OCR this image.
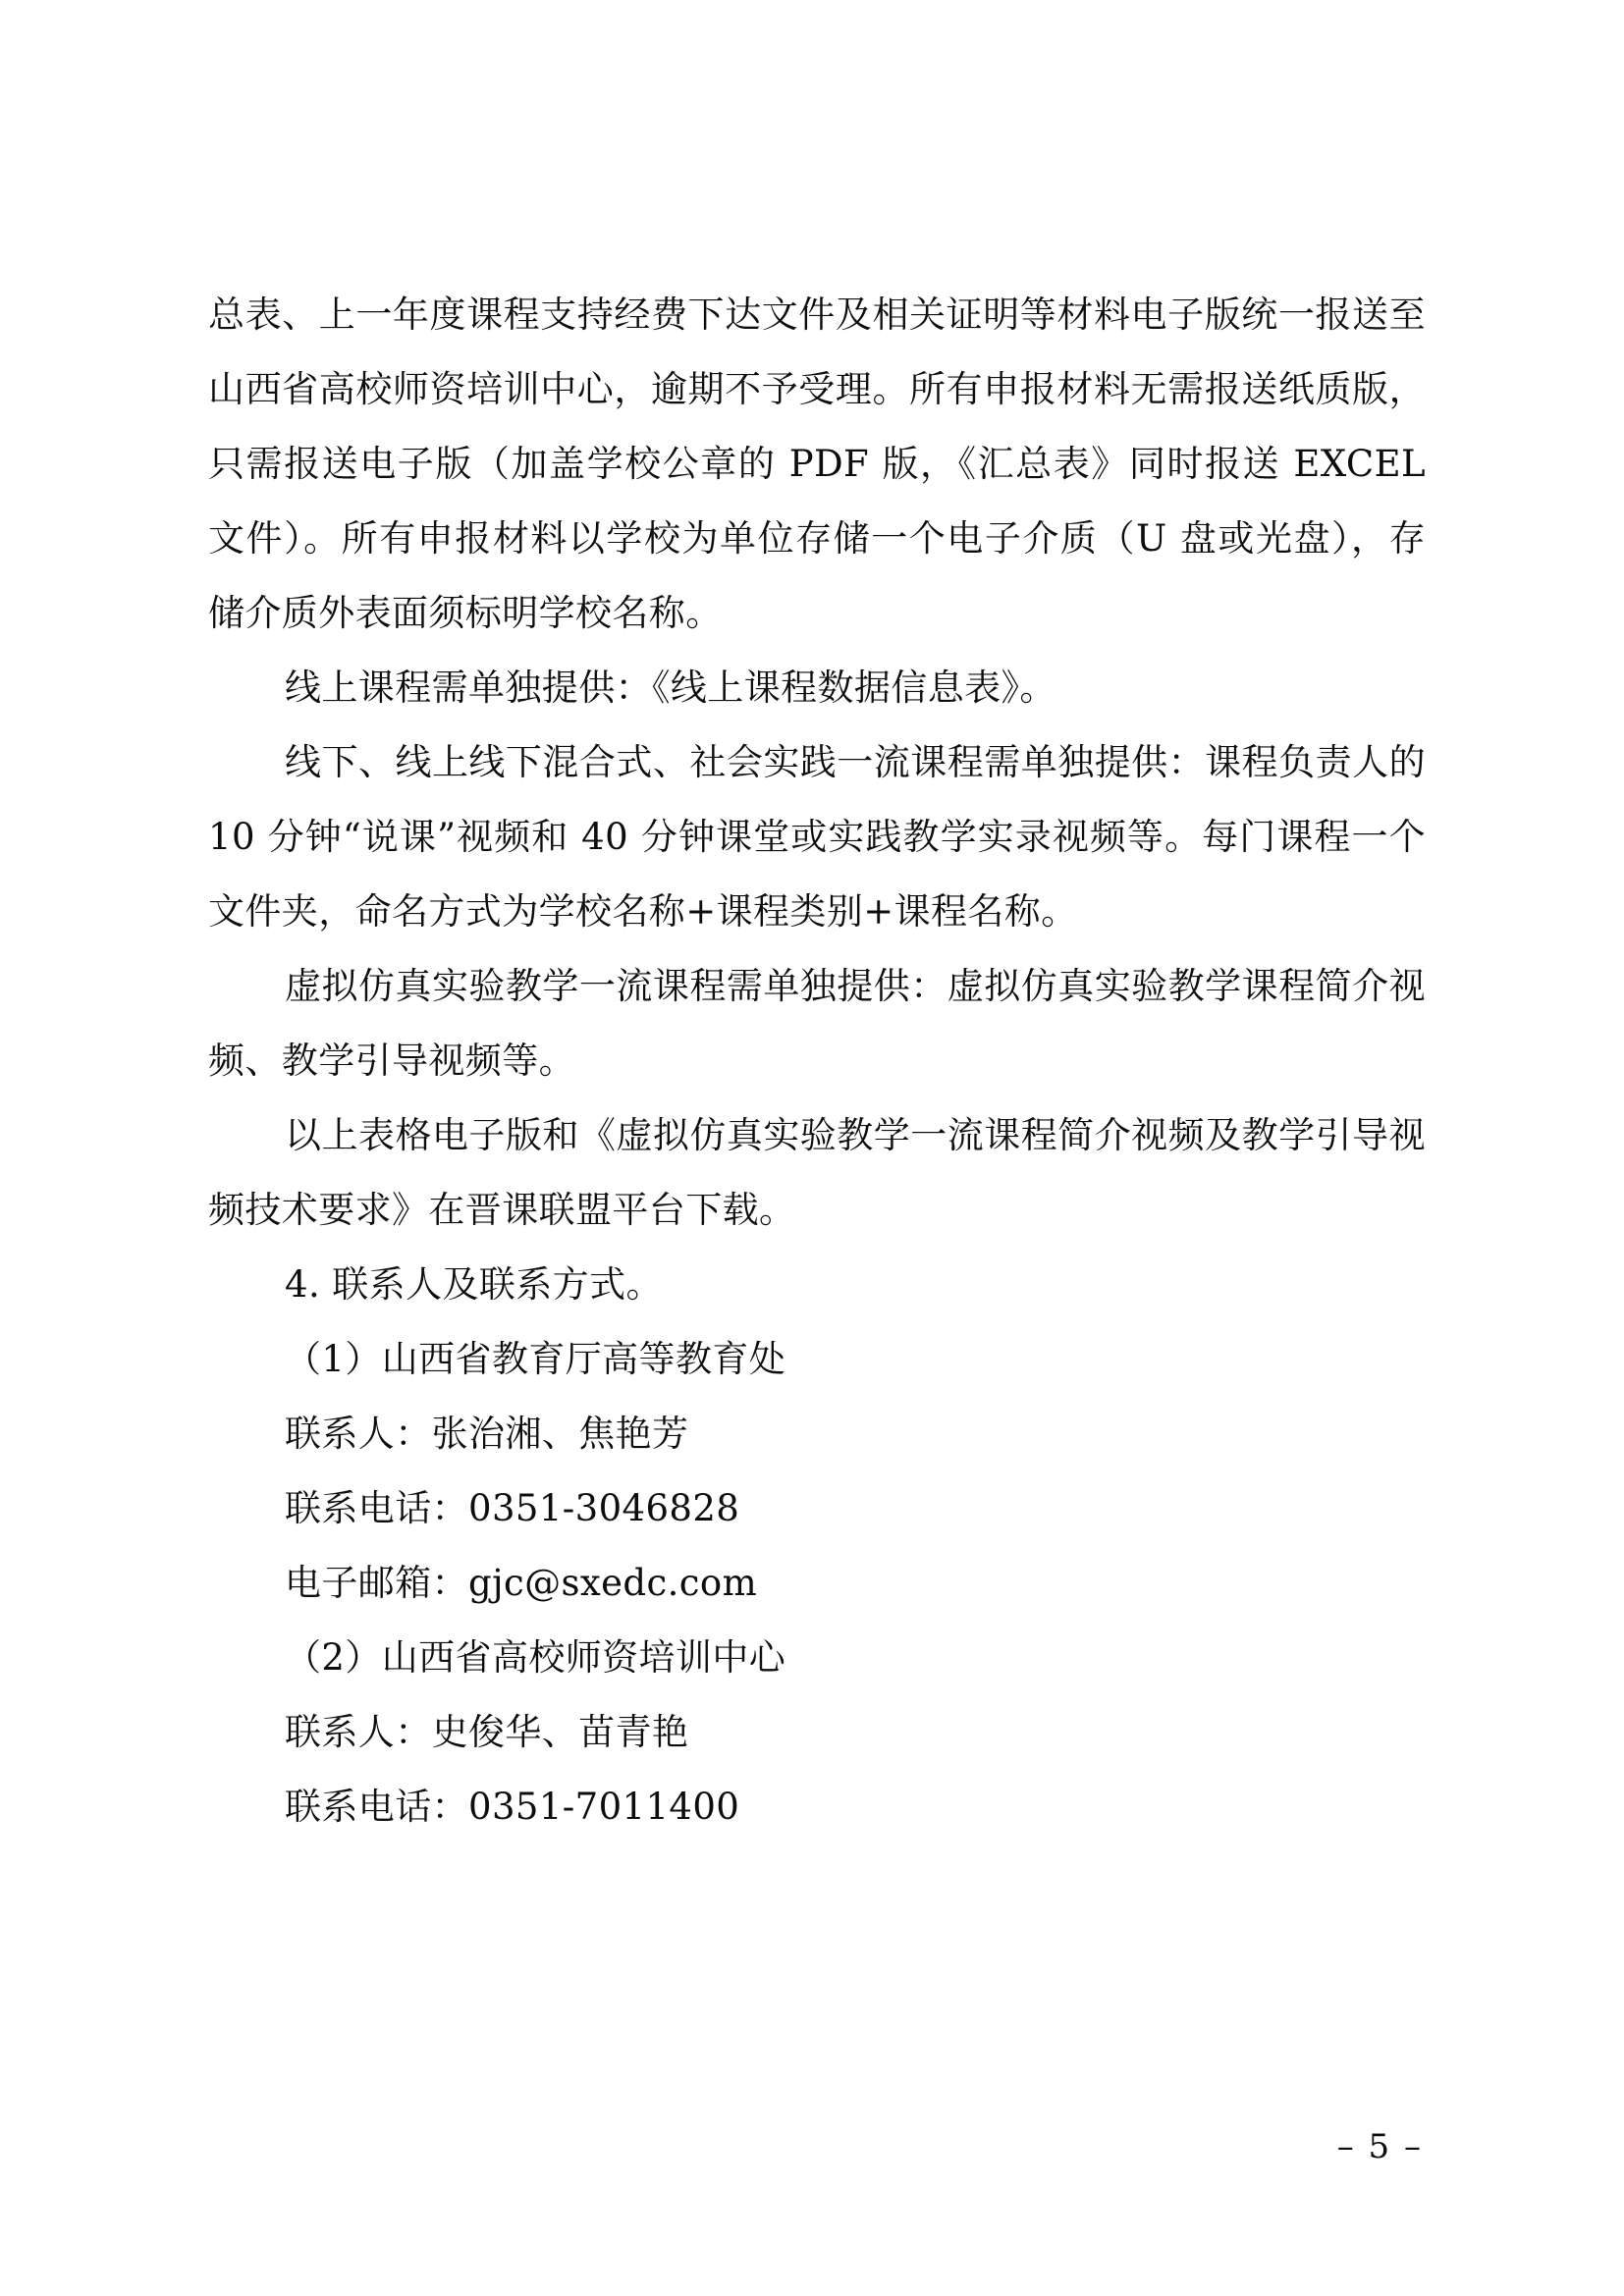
总表、上一年度课程支持经费下达文件及相关证明等材料电子版统一报送至山西省高校师资培训中心，逾期不予受理。所有申报材料无需报送纸质版，只需报送电子版（加盖学校公章的 PDF 版，《汇总表》同时报送 EXCEL 文件）。所有申报材料以学校为单位存储一个电子介质（U 盘或光盘），存储介质外表面须标明学校名称。

线上课程需单独提供：《线上课程数据信息表》。

线下、线上线下混合式、社会实践一流课程需单独提供：课程负责人的 10 分钟“说课”视频和 40 分钟课堂或实践教学实录视频等。每门课程一个文件夹，命名方式为学校名称+课程类别+课程名称。

虚拟仿真实验教学一流课程需单独提供：虚拟仿真实验教学课程简介视频、教学引导视频等。

以上表格电子版和《虚拟仿真实验教学一流课程简介视频及教学引导视频技术要求》在晋课联盟平台下载。

4. 联系人及联系方式。

（1）山西省教育厅高等教育处

联系人：张治湘、焦艳芳

联系电话：0351-3046828

电子邮箱：gjc@sxedc.com

（2）山西省高校师资培训中心

联系人：史俊华、苗青艳

联系电话：0351-7011400

– 5 –
